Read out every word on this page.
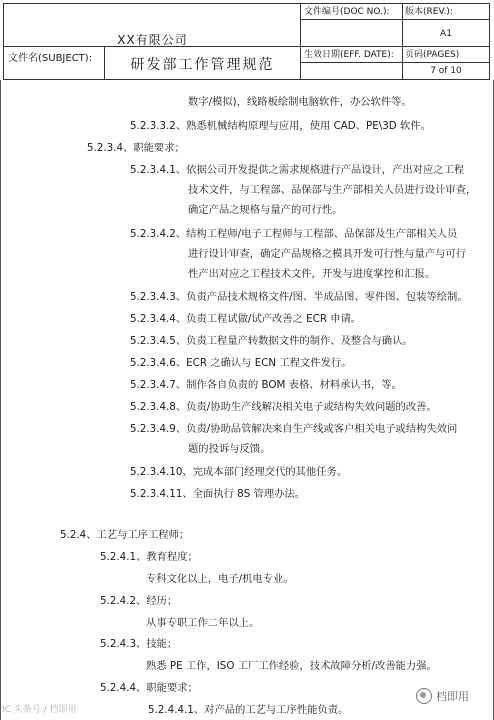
文件编号(DOC NO.): 版本(REV.):
XX有限公司	A1
文件名(SUBJECT):	研发部工作管理规范
生效日期(EFF. DATE): 页码(PAGES)
7 of 10
数字/模拟)，线路板绘制电脑软件，办公软件等。
5.2.3.3.2、熟悉机械结构原理与应用，使用 CAD、PE\3D 软件。
5.2.3.4、职能要求；
5.2.3.4.1、依据公司开发提供之需求规格进行产品设计，产出对应之工程
技术文件，与工程部、品保部与生产部相关人员进行设计审查，
确定产品之规格与量产的可行性。
5.2.3.4.2、结构工程师/电子工程师与工程部、品保部及生产部相关人员
进行设计审查，确定产品规格之模具开发可行性与量产与可行
性产出对应之工程技术文件，开发与进度掌控和汇报。
5.2.3.4.3、负责产品技术规格文件/图、半成品图、零件图、包装等绘制。
5.2.3.4.4、负责工程试做/试产改善之 ECR 申请。
5.2.3.4.5、负责工程量产转数据文件的制作、及整合与确认。
5.2.3.4.6、ECR 之确认与 ECN 工程文件发行。
5.2.3.4.7、制作各自负责的 BOM 表格、材料承认书，等。
5.2.3.4.8、负责/协助生产线解决相关电子或结构失效问题的改善。
5.2.3.4.9、负责/协助品管解决来自生产线或客户相关电子或结构失效问
题的投诉与反馈。
5.2.3.4.10、完成本部门经理交代的其他任务。
5.2.3.4.11、全面执行 8S 管理办法。
5.2.4、工艺与工序工程师；
5.2.4.1、教育程度；
专科文化以上，电子/机电专业。
5.2.4.2、经历；
从事专职工作二年以上。
5.2.4.3、技能；
熟悉 PE 工作，ISO 工厂工作经验，技术故障分析/改善能力强。
5.2.4.4、职能要求；
5.2.4.4.1、对产品的工艺与工序性能负责。
IC 头条号 / 档即用
档即用
